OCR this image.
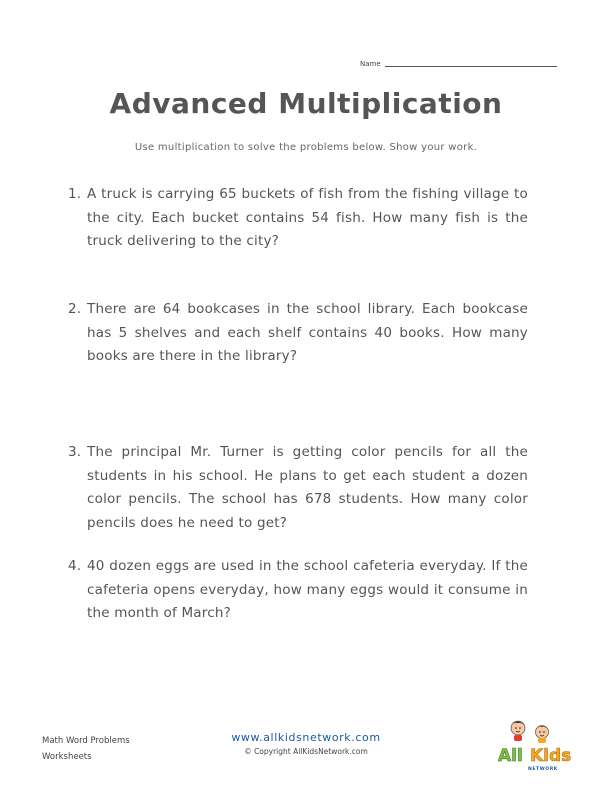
Name
Advanced Multiplication
Use multiplication to solve the problems below. Show your work.
1. A truck is carrying 65 buckets of fish from the fishing village to the city. Each bucket contains 54 fish. How many fish is the truck delivering to the city?
2. There are 64 bookcases in the school library. Each bookcase has 5 shelves and each shelf contains 40 books. How many books are there in the library?
3. The principal Mr. Turner is getting color pencils for all the students in his school. He plans to get each student a dozen color pencils. The school has 678 students. How many color pencils does he need to get?
4. 40 dozen eggs are used in the school cafeteria everyday. If the cafeteria opens everyday, how many eggs would it consume in the month of March?
Math Word Problems
Worksheets
www.allkidsnetwork.com
© Copyright AllKidsNetwork.com	All Kids
NETWORK
